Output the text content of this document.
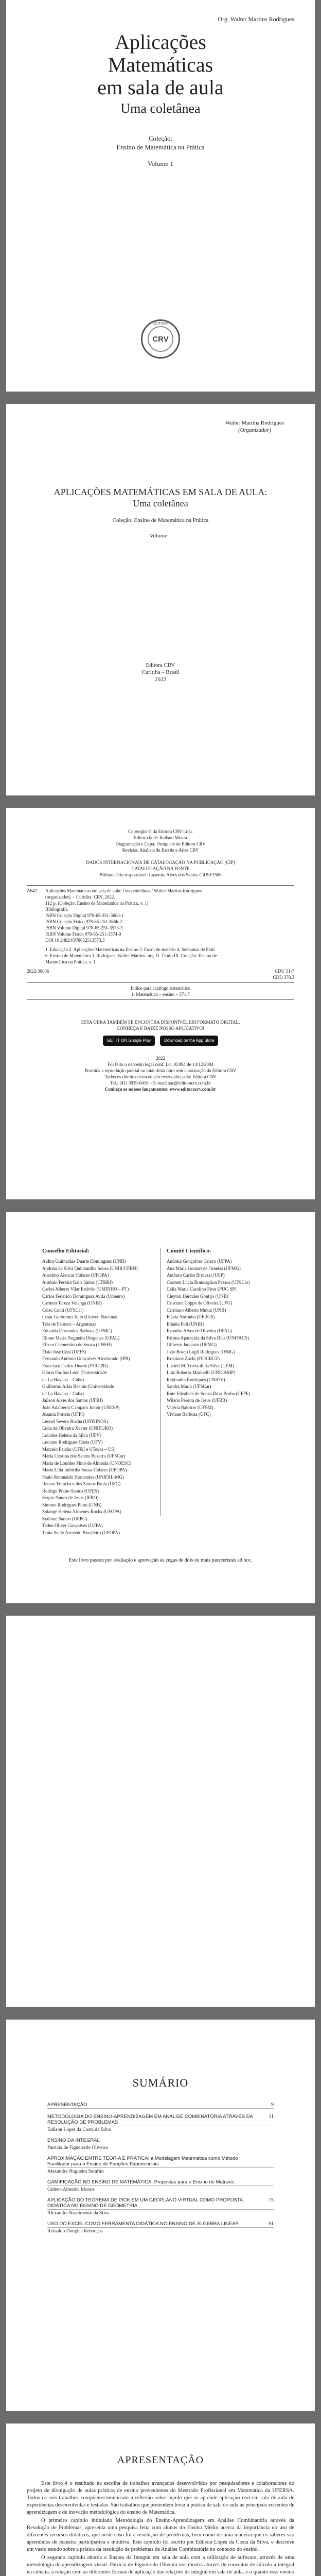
Org. Walter Martins Rodrigues
Aplicações
Matemáticas
em sala de aula
Uma coletânea
Coleção:
Ensino de Matemática na Prática
Volume 1
CRV
EDITORA
Walter Martins Rodrigues
(Organizador)
APLICAÇÕES MATEMÁTICAS EM SALA DE AULA: Uma coletânea
Coleção: Ensino de Matemática na Prática
Volume 1
Editora CRV
Curitiba – Brasil
2022
Copyright © da Editora CRV Ltda.
Editor-chefe: Railson Moura
Diagramação e Capa: Designers da Editora CRV
Revisão: Analista de Escrita e Artes CRV
DADOS INTERNACIONAIS DE CATALOGAÇÃO NA PUBLICAÇÃO (CIP)
CATALOGAÇÃO NA FONTE
Bibliotecária responsável: Luzenira Alves dos Santos CRB9/1506
A642	Aplicações Matemáticas em sala de aula: Uma coletânea / Walter Martins Rodrigues
(organizador). – Curitiba: CRV, 2022.
112 p. (Coleção: Ensino de Matemática na Prática, v. 1)
Bibliografia
ISBN Coleção Digital 978-65-251-3663-1
ISBN Coleção Físico 978-65-251-3666-2
ISBN Volume Digital 978-65-251-3573-3
ISBN Volume Físico 978-65-251-3574-0
DOI 10.24824/978652513573.3
1. Educação 2. Aplicações Matemáticas na Ensino 3. Escrit de matério 4. Semantas de Práti
6. Ensino de Matemática I. Rodrigues, Walter Martins. org. II. Título III. Coleção: Ensino de
Matemática na Prática. v. 1
2022-36036	CDU 51-7
CDD 378.3
Índice para catálogo sistemático
1. Matemática – ensino – 371.7
ESTA OBRA TAMBÉM SE ENCONTRA DISPONÍVEL EM FORMATO DIGITAL.
CONHEÇA E BAIXE NOSSO APLICATIVO!
GET IT ON Google Play	Download on the App Store
2022
Foi feito o depósito legal conf. Lei 10.994 de 14/12/2004
Proibida a reprodução parcial ou total desta obra sem autorização da Editora CRV
Todos os direitos desta edição reservados pela: Editora CRV
Tel.: (41) 3039-6418 – E-mail: sac@editoracrv.com.br
Conheça os nossos lançamentos: www.editoracrv.com.br
Conselho Editorial:
Aldira Guimarães Duarte Domínguez (UNB)
Andréia da Silva Quintanilha Sousa (UNIR/UFRN)
Anselmo Alencar Colares (UFOPA)
Antônio Pereira Gaio Júnior (UFRRJ)
Carlos Alberto Vilar Estêvão (UMINHO – PT)
Carlos Federico Dominguez Avila (Unieuro)
Carmen Tereza Velanga (UNIR)
Celso Conti (UFSCar)
Cesar Gerónimo Tello (Univer. Nacional
Três de Febrero – Argentina)
Eduardo Fernandes Barbosa (UFMG)
Elione Maria Nogueira Diogenes (UFAL)
Elizeu Clementino de Souza (UNEB)
Élsio José Corá (UFFS)
Fernando Antônio Gonçalves Alcoforado (IPB)
Francisco Carlos Duarte (PUC-PR)
Gloria Fariñas León (Universidade
de La Havana – Cuba)
Guillermo Arias Beatón (Universidade
de La Havana – Cuba)
Jailson Alves dos Santos (UFRJ)
João Adalberto Campato Junior (UNESP)
Josania Portela (UFPI)
Leonel Severo Rocha (UNISINOS)
Lídia de Oliveira Xavier (UNIEURO)
Lourdes Helena da Silva (UFV)
Luciano Rodrigues Costa (UFV)
Marcelo Paixão (UFRJ e UTexas – US)
Maria Cristina dos Santos Bezerra (UFSCar)
Maria de Lourdes Pinto de Almeida (UNOESC)
Maria Lília Imbiriba Sousa Colares (UFOPA)
Paulo Romualdo Hernandes (UNIFAL-MG)
Renato Francisco dos Santos Paula (UFG)
Rodrigo Pratte-Santos (UFES)
Sérgio Nunes de Jesus (IFRO)
Simone Rodrigues Pinto (UNB)
Solange Helena Ximenes-Rocha (UFOPA)
Sydione Santos (UEPG)
Tadeu Oliver Gonçalves (UFPA)
Tania Suely Azevedo Brasileiro (UFOPA)
Comitê Científico:
Andréia Gonçalves Grieco (UFPA)
Ana Maria Goulart de Ornelas (UFMG)
Antônio Carlos Brolezzi (USP)
Carmen Lúcia Brancaglion Passos (UFSCar)
Célia Maria Carolino Pires (PUC-SP)
Cleyton Hércules Gontijo (UNB)
Cristiane Coppe de Oliveira (UFU)
Cristiano Alberto Muniz (UNB)
Flávia Noronha (UFRGS)
Ednéia Poli (UNIR)
Evandro Alves de Oliveira (UFAL)
Fátima Aparecida da Silva Dias (UNIFACS)
Gilberto Januario (UFMG)
João Bosco Lugli Rodrigues (IFMG)
Kristiane Zuchi (FIOCRUZ)
Lucieli M. Trivizoli da Silva (UEM)
Luiz Roberto Marinelli (UNICAMP)
Reginaldo Rodrigues (UNIUV)
Sandra Maria (UFSCar)
Rute Elizabete de Souza Rosa Borba (UFPE)
Wilson Pereira de Jesus (UFRB)
Valéria Balestro (UFSM)
Viviane Barbosa (UFC)
Este livro passou por avaliação e aprovação às cegas de dois ou mais pareceristas ad hoc.
SUMÁRIO
APRESENTAÇÃO	9
METODOLOGIA DO ENSINO-APRENDIZAGEM EM ANÁLISE COMBINATÓRIA ATRAVÉS DA RESOLUÇÃO DE PROBLEMAS
11
Edilson Lopes da Costa da Silva
ENSINO DA INTEGRAL
Patricia de Figueiredo Oliveira
APROXIMAÇÃO ENTRE TEORIA E PRÁTICA: a Modelagem Matemática como Método Facilitador para o Ensino de Funções Exponenciais
Alexandre Nogueira Serafim
GAMIFICAÇÃO NO ENSINO DE MATEMÁTICA: Propostas para o Ensino de Matrizes
Gideon Almeida Morais
APLICAÇÃO DO TEOREMA DE PICK EM UM GEOPLANO VIRTUAL COMO PROPOSTA DIDÁTICA NO ENSINO DE GEOMETRIA
75
Alexandre Nascimento da Silva
USO DO EXCEL COMO FERRAMENTA DIDÁTICA NO ENSINO DE ÁLGEBRA LINEAR	91
Reinaldo Douglas Rebouças
APRESENTAÇÃO

Este livro é o resultado na escolha de trabalhos avançados desenvolvidos por pesquisadores e colaboradores do projeto de divulgação de aulas práticas de ensino provenientes do Mestrado Profissional em Matemática da UFERSA. Todos os seis trabalhos compõem/comunicam a reflexão sobre aquilo que se aprende aplicação real em sala de aula de experiências desenvolvidas e testadas. São trabalhos que pretendem levar à prática de sala de aula as principais vertentes de aprendizagem e de inovação metodológica do ensino de Matemática.

O primeiro capítulo intitulado Metodologia do Ensino-Aprendizagem em Análise Combinatória através da Resolução de Problemas, apresenta uma pesquisa feita com alunos do Ensino Médio acerca da importância do uso de diferentes recursos didáticos, que neste caso foi à resolução de problemas, bem como de uma maneira que os saberes são aprendidos de maneira participativa e intuitiva. Este capítulo foi escrito por Edilson Lopes da Costa da Silva, e descreve um vasto estudo sobre a prática da resolução de problemas de Análise Combinatória no contexto do ensino.

O segundo capítulo aborda o Ensino da Integral em sala de aula com a utilização de software, através de uma metodologia de aprendizagem visual. Patricia de Figueiredo Oliveira nos mostra através de conceitos de cálculo a integral na ciência, a relação com as diferentes formas de aplicação das relações da integral em sala de aula, e o quanto esse ensino
